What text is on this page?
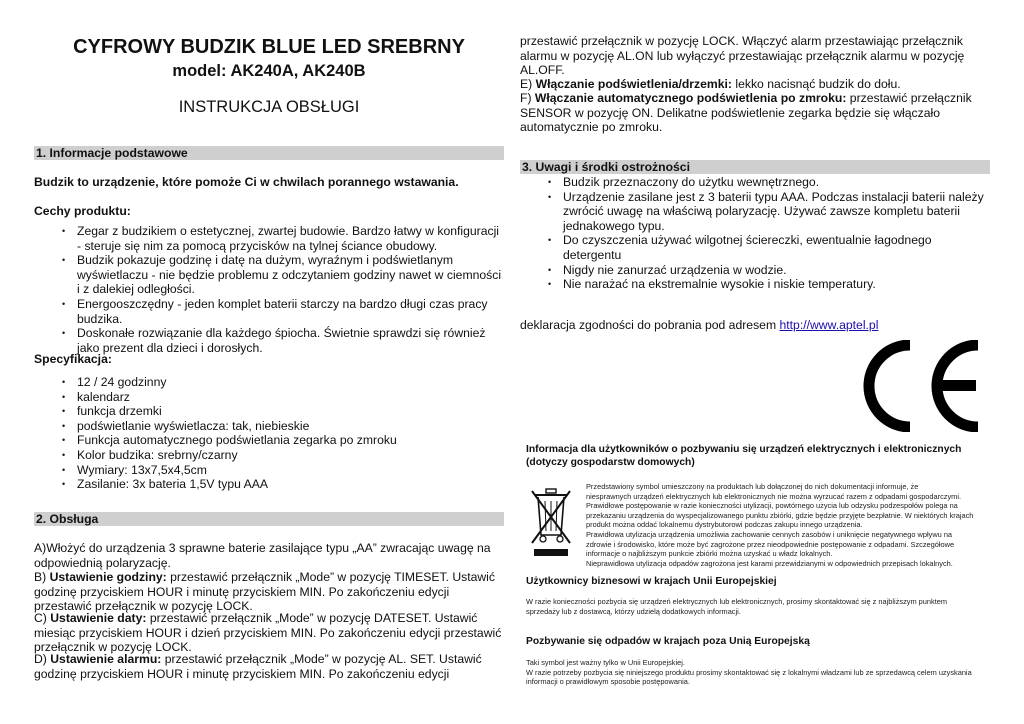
CYFROWY BUDZIK BLUE LED SREBRNY
model: AK240A, AK240B
INSTRUKCJA OBSŁUGI
1. Informacje podstawowe
Budzik to urządzenie, które pomoże Ci w chwilach porannego wstawania.
Cechy produktu:
• Zegar z budzikiem o estetycznej, zwartej budowie. Bardzo łatwy w konfiguracji - steruje się nim za pomocą przycisków na tylnej ściance obudowy.
• Budzik pokazuje godzinę i datę na dużym, wyraźnym i podświetlanym wyświetlaczu - nie będzie problemu z odczytaniem godziny nawet w ciemności i z dalekiej odległości.
• Energooszczędny - jeden komplet baterii starczy na bardzo długi czas pracy budzika.
• Doskonałe rozwiązanie dla każdego śpiocha. Świetnie sprawdzi się również jako prezent dla dzieci i dorosłych.
Specyfikacja:
• 12 / 24 godzinny
• kalendarz
• funkcja drzemki
• podświetlanie wyświetlacza: tak, niebieskie
• Funkcja automatycznego podświetlania zegarka po zmroku
• Kolor budzika: srebrny/czarny
• Wymiary: 13x7,5x4,5cm
• Zasilanie: 3x bateria 1,5V typu AAA
2. Obsługa
A)Włożyć do urządzenia 3 sprawne baterie zasilające typu „AA” zwracając uwagę na odpowiednią polaryzację.
B) Ustawienie godziny: przestawić przełącznik „Mode” w pozycję TIMESET. Ustawić godzinę przyciskiem HOUR i minutę przyciskiem MIN. Po zakończeniu edycji przestawić przełącznik w pozycję LOCK.
C) Ustawienie daty: przestawić przełącznik „Mode” w pozycję DATESET. Ustawić miesiąc przyciskiem HOUR i dzień przyciskiem MIN. Po zakończeniu edycji przestawić przełącznik w pozycję LOCK.
D) Ustawienie alarmu: przestawić przełącznik „Mode” w pozycję AL. SET. Ustawić godzinę przyciskiem HOUR i minutę przyciskiem MIN. Po zakończeniu edycji
przestawić przełącznik w pozycję LOCK. Włączyć alarm przestawiając przełącznik alarmu w pozycję AL.ON lub wyłączyć przestawiając przełącznik alarmu w pozycję AL.OFF.
E) Włączanie podświetlenia/drzemki: lekko nacisnąć budzik do dołu.
F) Włączanie automatycznego podświetlenia po zmroku: przestawić przełącznik SENSOR w pozycję ON. Delikatne podświetlenie zegarka będzie się włączało automatycznie po zmroku.
3. Uwagi i środki ostrożności
• Budzik przeznaczony do użytku wewnętrznego.
• Urządzenie zasilane jest z 3 baterii typu AAA. Podczas instalacji baterii należy zwrócić uwagę na właściwą polaryzację. Używać zawsze kompletu baterii jednakowego typu.
• Do czyszczenia używać wilgotnej ściereczki, ewentualnie łagodnego detergentu
• Nigdy nie zanurzać urządzenia w wodzie.
• Nie narażać na ekstremalnie wysokie i niskie temperatury.
deklaracja zgodności do pobrania pod adresem http://www.aptel.pl
Informacja dla użytkowników o pozbywaniu się urządzeń elektrycznych i elektronicznych (dotyczy gospodarstw domowych)
Przedstawiony symbol umieszczony na produktach lub dołączonej do nich dokumentacji informuje, że
niesprawnych urządzeń elektrycznych lub elektronicznych nie można wyrzucać razem z odpadami gospodarczymi.
Prawidłowe postępowanie w razie konieczności utylizacji, powtórnego użycia lub odzysku podzespołów polega na
przekazaniu urządzenia do wyspecjalizowanego punktu zbiórki, gdzie będzie przyjęte bezpłatnie. W niektórych krajach
produkt można oddać lokalnemu dystrybutorowi podczas zakupu innego urządzenia.
Prawidłowa utylizacja urządzenia umożliwia zachowanie cennych zasobów i uniknięcie negatywnego wpływu na
zdrowie i środowisko, które może być zagrożone przez nieodpowiednie postępowanie z odpadami. Szczegółowe
informacje o najbliższym punkcie zbiórki można uzyskać u władz lokalnych.
Nieprawidłowa utylizacja odpadów zagrożona jest karami przewidzianymi w odpowiednich przepisach lokalnych.
Użytkownicy biznesowi w krajach Unii Europejskiej
W razie konieczności pozbycia się urządzeń elektrycznych lub elektronicznych, prosimy skontaktować się z najbliższym punktem
sprzedaży lub z dostawcą, którzy udzielą dodatkowych informacji.
Pozbywanie się odpadów w krajach poza Unią Europejską
Taki symbol jest ważny tylko w Unii Europejskiej.
W razie potrzeby pozbycia się niniejszego produktu prosimy skontaktować się z lokalnymi władzami lub ze sprzedawcą celem uzyskania
informacji o prawidłowym sposobie postępowania.
